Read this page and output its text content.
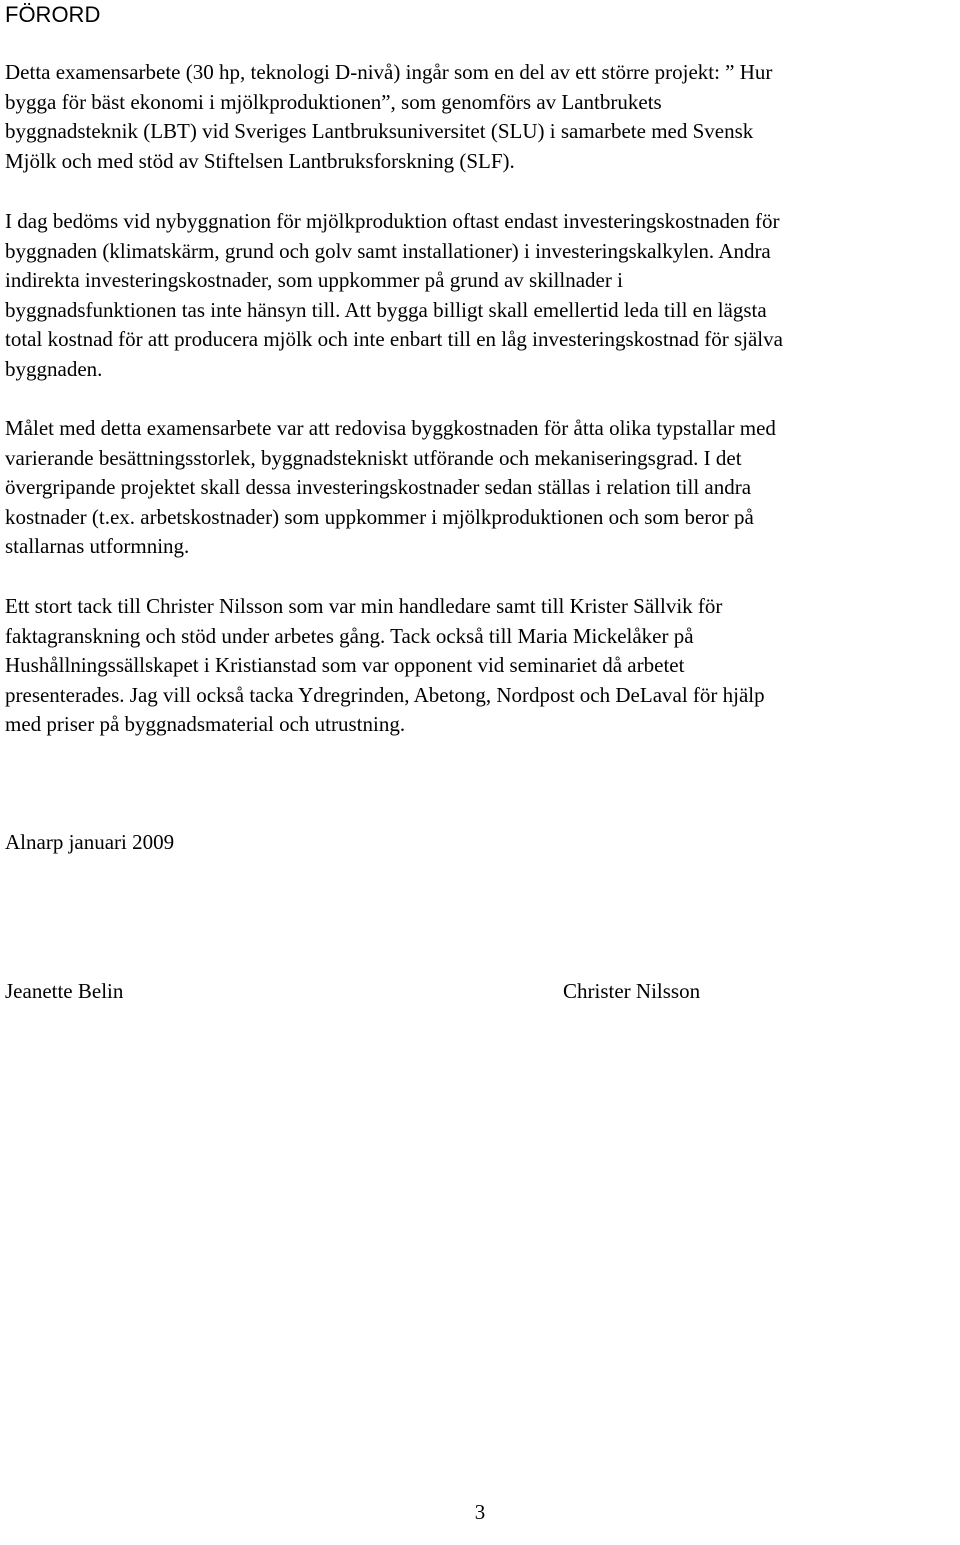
FÖRORD

Detta examensarbete (30 hp, teknologi D-nivå) ingår som en del av ett större projekt: ” Hur
bygga för bäst ekonomi i mjölkproduktionen”, som genomförs av Lantbrukets
byggnadsteknik (LBT) vid Sveriges Lantbruksuniversitet (SLU) i samarbete med Svensk
Mjölk och med stöd av Stiftelsen Lantbruksforskning (SLF).

I dag bedöms vid nybyggnation för mjölkproduktion oftast endast investeringskostnaden för
byggnaden (klimatskärm, grund och golv samt installationer) i investeringskalkylen. Andra
indirekta investeringskostnader, som uppkommer på grund av skillnader i
byggnadsfunktionen tas inte hänsyn till. Att bygga billigt skall emellertid leda till en lägsta
total kostnad för att producera mjölk och inte enbart till en låg investeringskostnad för själva
byggnaden.

Målet med detta examensarbete var att redovisa byggkostnaden för åtta olika typstallar med
varierande besättningsstorlek, byggnadstekniskt utförande och mekaniseringsgrad. I det
övergripande projektet skall dessa investeringskostnader sedan ställas i relation till andra
kostnader (t.ex. arbetskostnader) som uppkommer i mjölkproduktionen och som beror på
stallarnas utformning.

Ett stort tack till Christer Nilsson som var min handledare samt till Krister Sällvik för
faktagranskning och stöd under arbetes gång. Tack också till Maria Mickelåker på
Hushållningssällskapet i Kristianstad som var opponent vid seminariet då arbetet
presenterades. Jag vill också tacka Ydregrinden, Abetong, Nordpost och DeLaval för hjälp
med priser på byggnadsmaterial och utrustning.

Alnarp januari 2009

Jeanette Belin	Christer Nilsson

3
